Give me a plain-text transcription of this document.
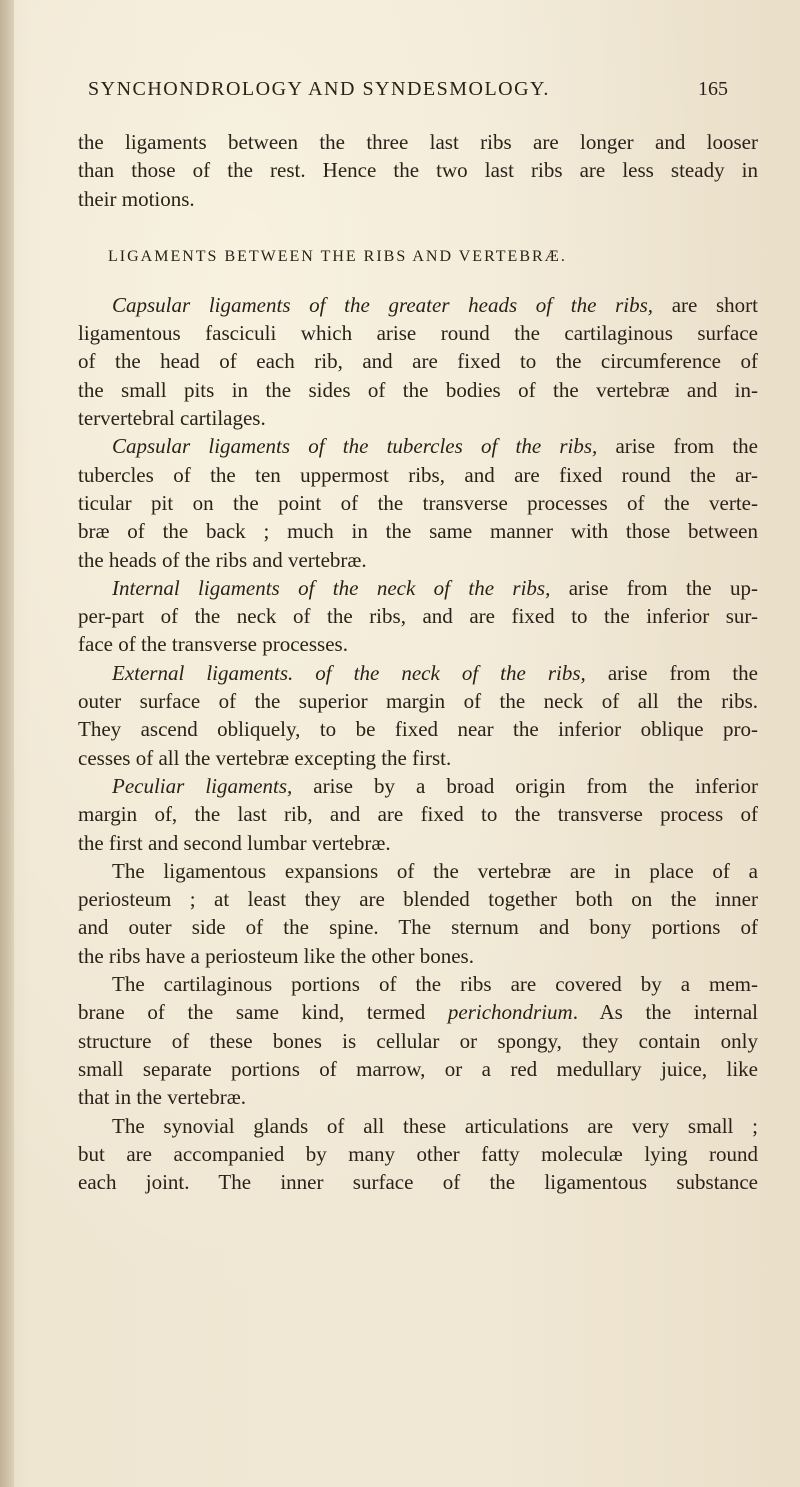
SYNCHONDROLOGY AND SYNDESMOLOGY.	165
the ligaments between the three last ribs are longer and looser
than those of the rest. Hence the two last ribs are less steady in
their motions.
LIGAMENTS BETWEEN THE RIBS AND VERTEBRÆ.
Capsular ligaments of the greater heads of the ribs, are short
ligamentous fasciculi which arise round the cartilaginous surface
of the head of each rib, and are fixed to the circumference of
the small pits in the sides of the bodies of the vertebræ and in-
tervertebral cartilages.
Capsular ligaments of the tubercles of the ribs, arise from the
tubercles of the ten uppermost ribs, and are fixed round the ar-
ticular pit on the point of the transverse processes of the verte-
bræ of the back ; much in the same manner with those between
the heads of the ribs and vertebræ.
Internal ligaments of the neck of the ribs, arise from the up-
per-part of the neck of the ribs, and are fixed to the inferior sur-
face of the transverse processes.
External ligaments. of the neck of the ribs, arise from the
outer surface of the superior margin of the neck of all the ribs.
They ascend obliquely, to be fixed near the inferior oblique pro-
cesses of all the vertebræ excepting the first.
Peculiar ligaments, arise by a broad origin from the inferior
margin of, the last rib, and are fixed to the transverse process of
the first and second lumbar vertebræ.
The ligamentous expansions of the vertebræ are in place of a
periosteum ; at least they are blended together both on the inner
and outer side of the spine. The sternum and bony portions of
the ribs have a periosteum like the other bones.
The cartilaginous portions of the ribs are covered by a mem-
brane of the same kind, termed perichondrium. As the internal
structure of these bones is cellular or spongy, they contain only
small separate portions of marrow, or a red medullary juice, like
that in the vertebræ.
The synovial glands of all these articulations are very small ;
but are accompanied by many other fatty moleculæ lying round
each joint. The inner surface of the ligamentous substance
